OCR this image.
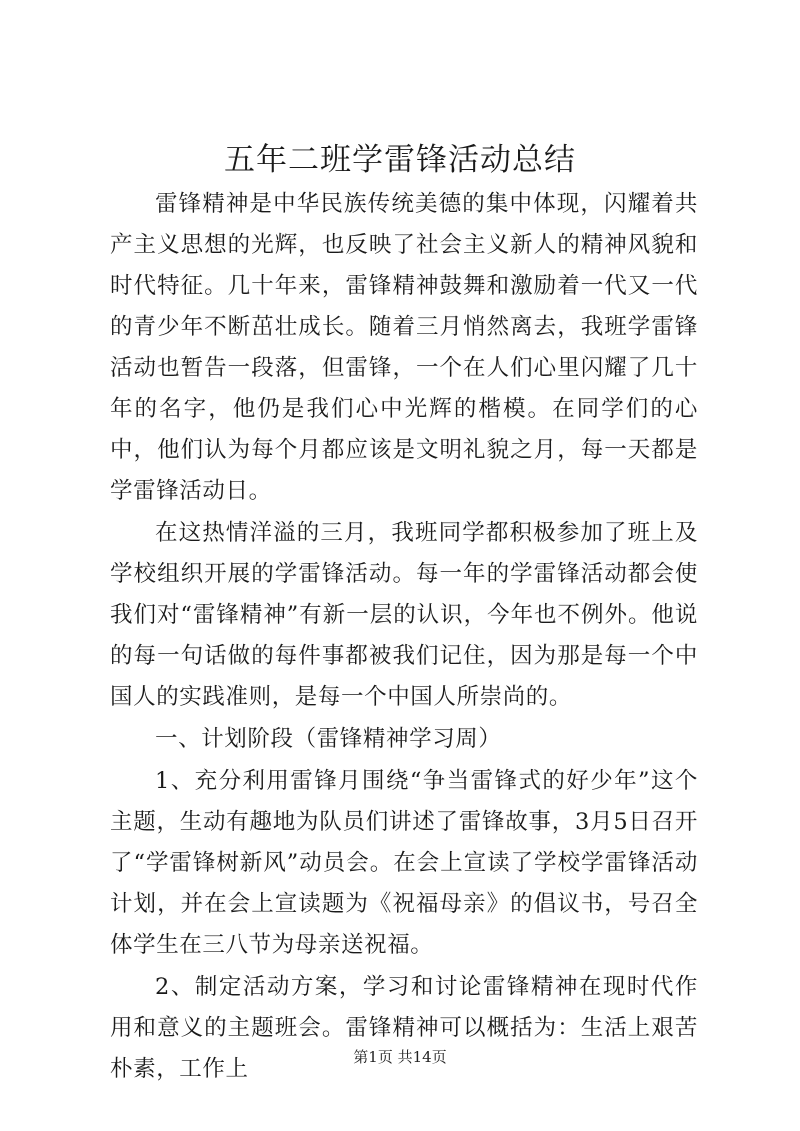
五年二班学雷锋活动总结

雷锋精神是中华民族传统美德的集中体现，闪耀着共产主义思想的光辉，也反映了社会主义新人的精神风貌和时代特征。几十年来，雷锋精神鼓舞和激励着一代又一代的青少年不断茁壮成长。随着三月悄然离去，我班学雷锋活动也暂告一段落，但雷锋，一个在人们心里闪耀了几十年的名字，他仍是我们心中光辉的楷模。在同学们的心中，他们认为每个月都应该是文明礼貌之月，每一天都是学雷锋活动日。

在这热情洋溢的三月，我班同学都积极参加了班上及学校组织开展的学雷锋活动。每一年的学雷锋活动都会使我们对“雷锋精神”有新一层的认识，今年也不例外。他说的每一句话做的每件事都被我们记住，因为那是每一个中国人的实践准则，是每一个中国人所崇尚的。

一、计划阶段（雷锋精神学习周）

1、充分利用雷锋月围绕“争当雷锋式的好少年”这个主题，生动有趣地为队员们讲述了雷锋故事，3月5日召开了“学雷锋树新风”动员会。在会上宣读了学校学雷锋活动计划，并在会上宣读题为《祝福母亲》的倡议书，号召全体学生在三八节为母亲送祝福。

2、制定活动方案，学习和讨论雷锋精神在现时代作用和意义的主题班会。雷锋精神可以概括为：生活上艰苦朴素，工作上	第1页 共14页
